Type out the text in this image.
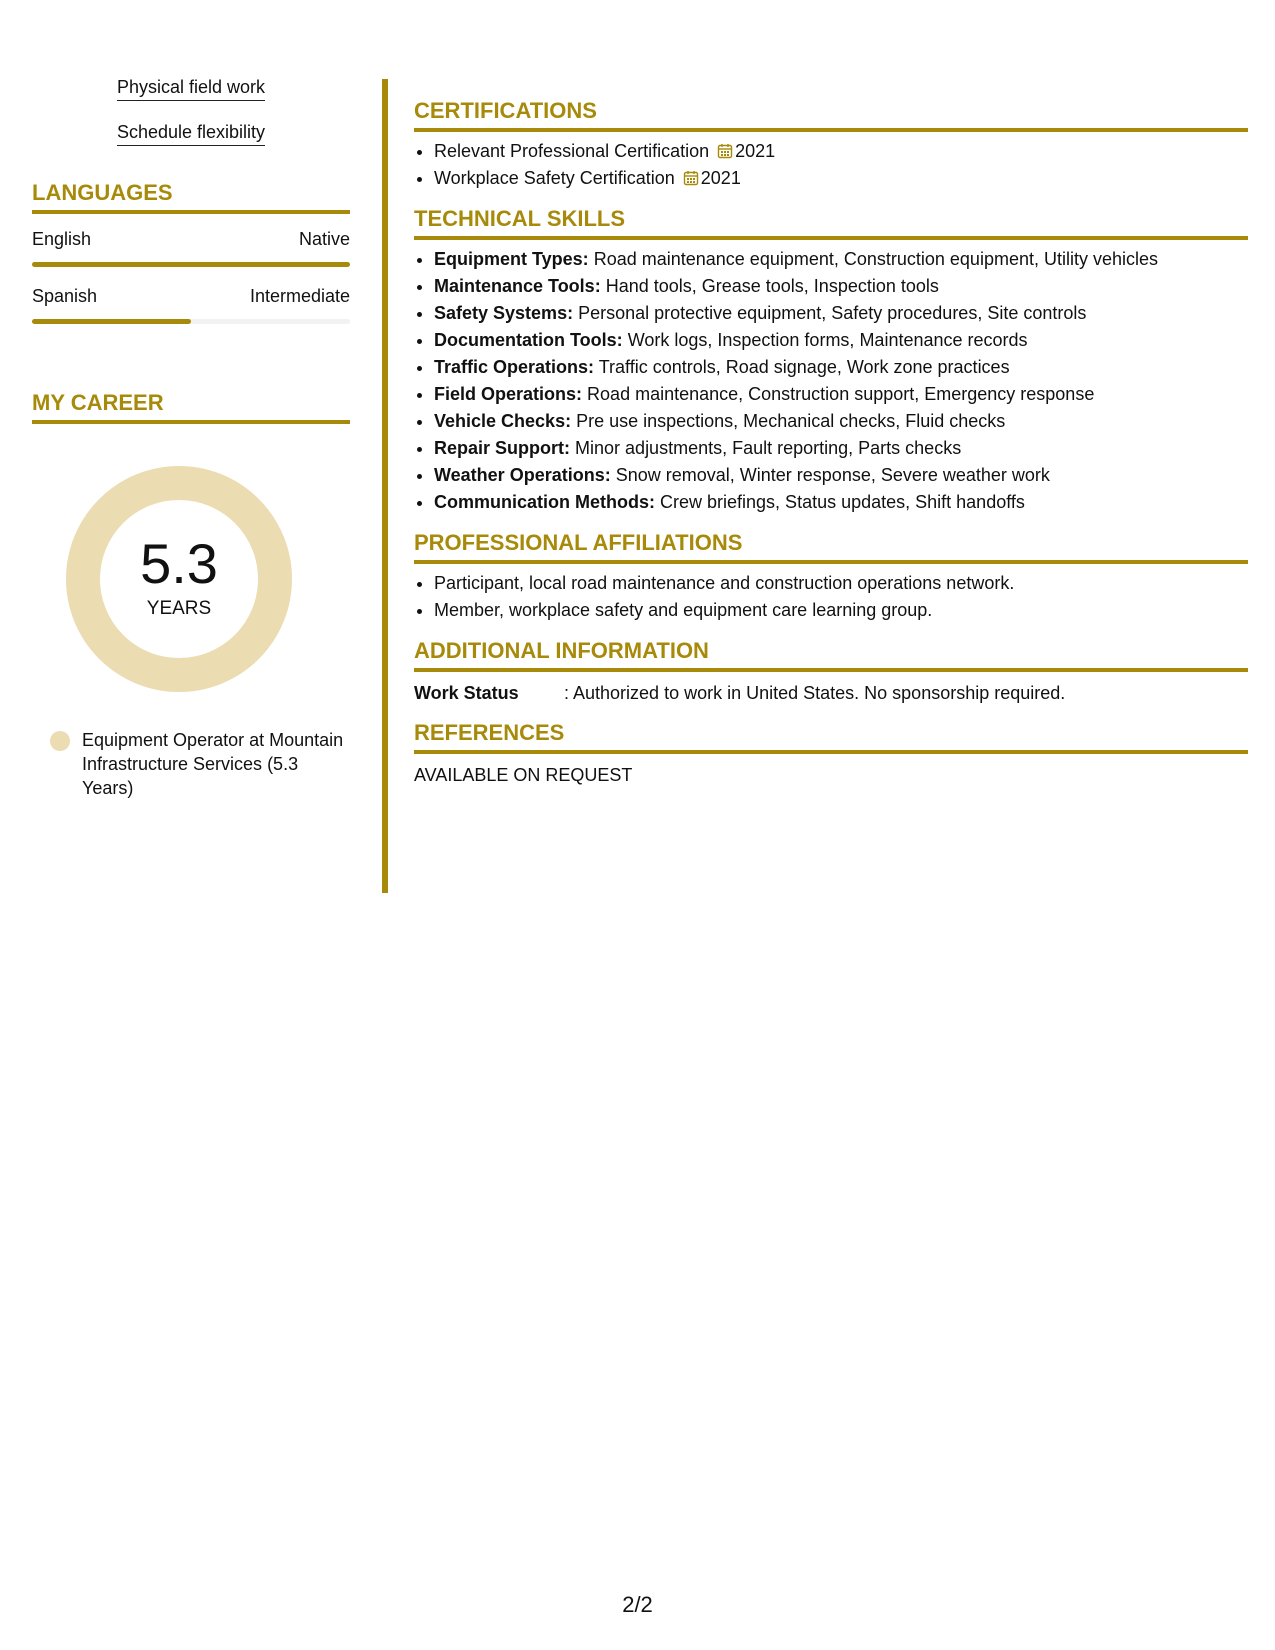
Physical field work
Schedule flexibility
LANGUAGES
English	Native
Spanish	Intermediate
MY CAREER
5.3
YEARS
Equipment Operator at Mountain Infrastructure Services (5.3 Years)
CERTIFICATIONS
• Relevant Professional Certification 2021
• Workplace Safety Certification 2021
TECHNICAL SKILLS
• Equipment Types: Road maintenance equipment, Construction equipment, Utility vehicles
• Maintenance Tools: Hand tools, Grease tools, Inspection tools
• Safety Systems: Personal protective equipment, Safety procedures, Site controls
• Documentation Tools: Work logs, Inspection forms, Maintenance records
• Traffic Operations: Traffic controls, Road signage, Work zone practices
• Field Operations: Road maintenance, Construction support, Emergency response
• Vehicle Checks: Pre use inspections, Mechanical checks, Fluid checks
• Repair Support: Minor adjustments, Fault reporting, Parts checks
• Weather Operations: Snow removal, Winter response, Severe weather work
• Communication Methods: Crew briefings, Status updates, Shift handoffs
PROFESSIONAL AFFILIATIONS
• Participant, local road maintenance and construction operations network.
• Member, workplace safety and equipment care learning group.
ADDITIONAL INFORMATION
Work Status	: Authorized to work in United States. No sponsorship required.
REFERENCES
AVAILABLE ON REQUEST
2/2
